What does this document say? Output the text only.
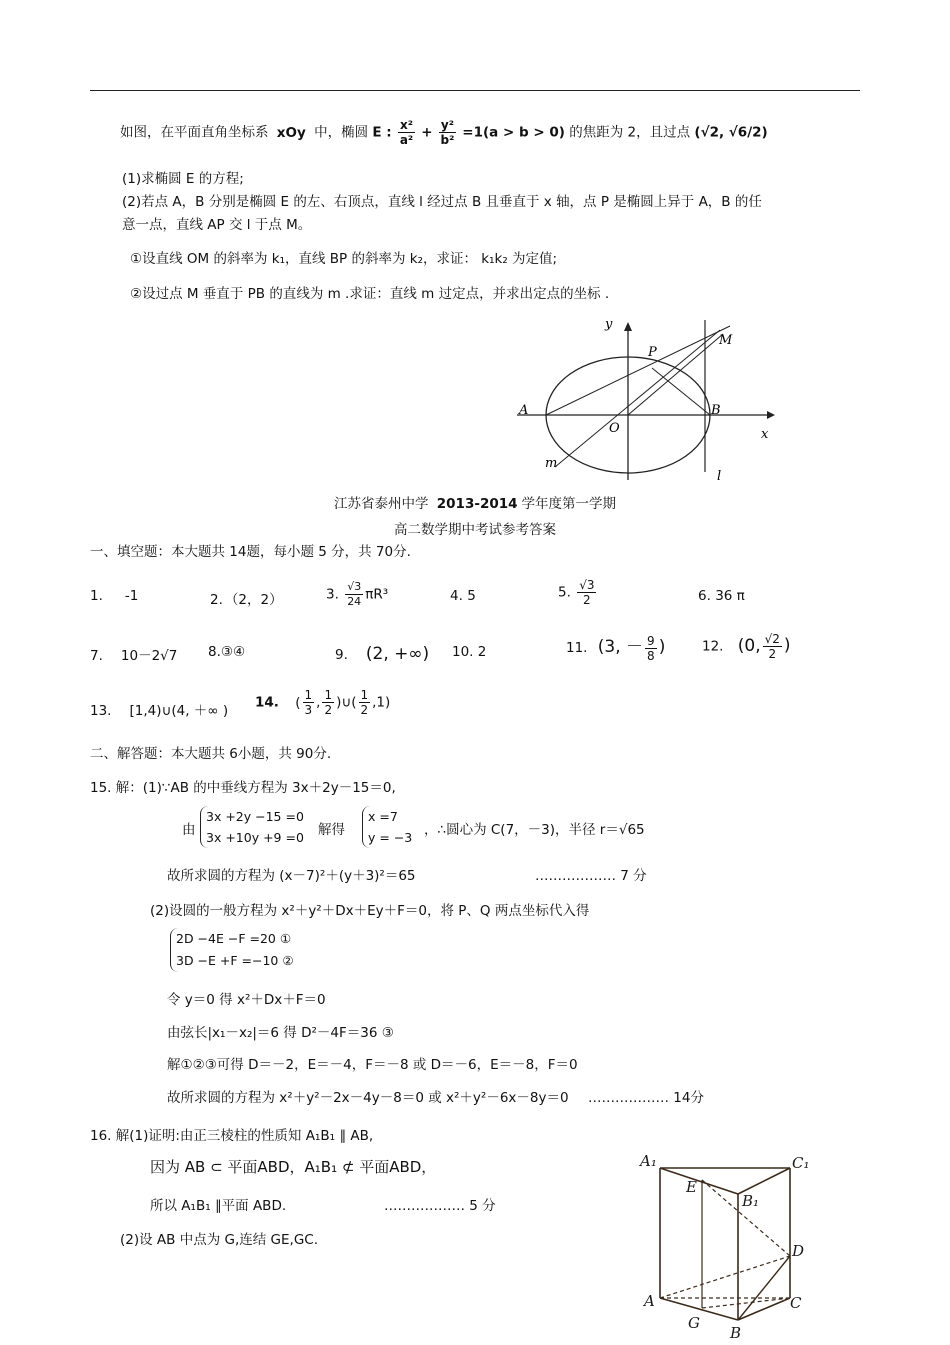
如图，在平面直角坐标系 xOy 中，椭圆 E : $\frac{\text{x²}}{\text{a²}} + \frac{\text{y²}}{\text{b²}} =1(a > b > 0)$ 的焦距为 2，且过点 (√2, √6/2)
(1)求椭圆 E 的方程;
(2)若点 A，B 分别是椭圆 E 的左、右顶点，直线 l 经过点 B 且垂直于 x 轴，点 P 是椭圆上异于 A，B 的任
意一点，直线 AP 交 l 于点 M。
①设直线 OM 的斜率为 k₁，直线 BP 的斜率为 k₂，求证： k₁k₂ 为定值;
②设过点 M 垂直于 PB 的直线为 m .求证：直线 m 过定点，并求出定点的坐标 .
y
x
O
A	B
P
M
m
l
江苏省泰州中学 2013-2014 学年度第一学期
高二数学期中考试参考答案
一、填空题：本大题共 14题，每小题 5 分，共 70分.
1. -1	2. （2，2）	3. $\frac{√3}{24} \pi R^3$	4. 5	5. $\frac{√3}{2}$	6. 36 π
7. 10－2√7 8.③④	9. (2, +∞) 10. 2	11. (3, － $\frac{9}{8}$ )	12. (0, $\frac{√2}{2}$ )
13. [1,4)∪(4, ＋∞ )
14. ( $\frac{1}{3}$ , $\frac{1}{2}$ )∪( $\frac{1}{2} ,1$)
二、解答题：本大题共 6小题，共 90分.
15. 解：(1)∵AB 的中垂线方程为 3x＋2y－15＝0,
由
3x +2y −15 =0
3x +10y +9 =0 解得
x =7
y = −3 ，∴圆心为 C(7，－3)，半径 r＝√65
故所求圆的方程为 (x－7)²＋(y＋3)²＝65	……………… 7 分
(2)设圆的一般方程为 x²＋y²＋Dx＋Ey＋F＝0，将 P、Q 两点坐标代入得
2D −4E −F =20 ①
3D −E +F =−10 ②
令 y＝0 得 x²＋Dx＋F＝0
由弦长|x₁－x₂|＝6 得 D²－4F＝36 ③
解①②③可得 D＝－2，E＝－4，F＝－8 或 D＝－6，E＝－8，F＝0
故所求圆的方程为 x²＋y²－2x－4y－8＝0 或 x²＋y²－6x－8y＝0 ……………… 14分
16. 解(1)证明:由正三棱柱的性质知 A₁B₁ ∥ AB,
因为 AB ⊂ 平面ABD，A₁B₁ ⊄ 平面ABD，
所以 A₁B₁ ∥平面 ABD.	……………… 5 分
(2)设 AB 中点为 G,连结 GE,GC.
A₁	C₁
B₁
E
D
A	C
G
B
